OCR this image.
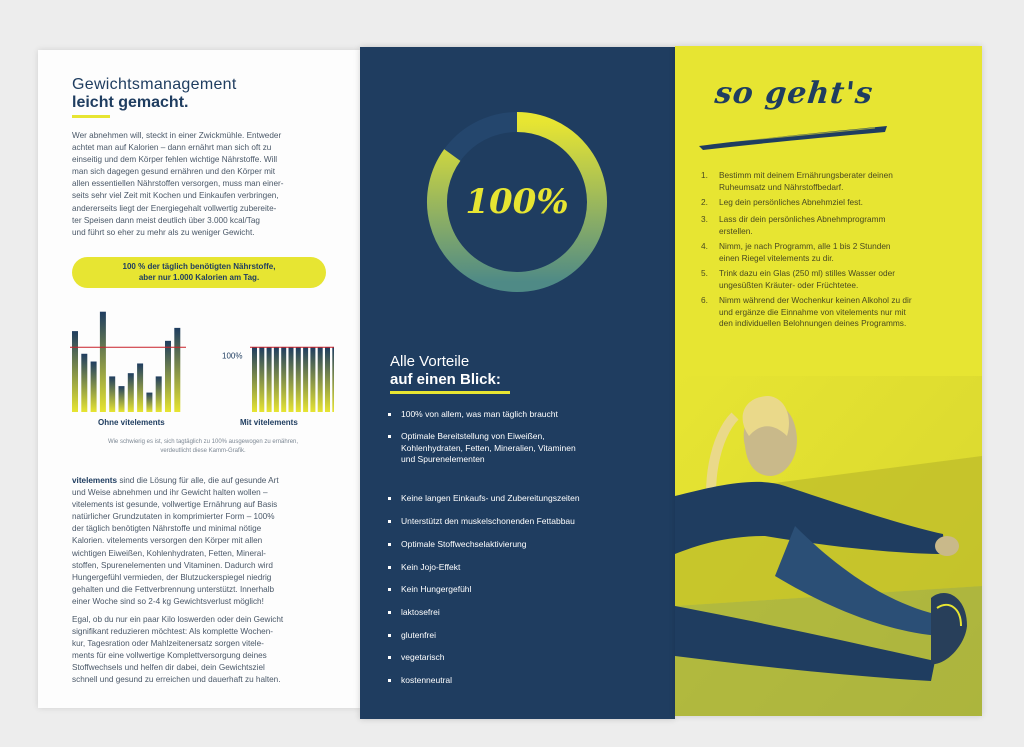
Gewichtsmanagement
leicht gemacht.
Wer abnehmen will, steckt in einer Zwickmühle. Entweder
achtet man auf Kalorien – dann ernährt man sich oft zu
einseitig und dem Körper fehlen wichtige Nährstoffe. Will
man sich dagegen gesund ernähren und den Körper mit
allen essentiellen Nährstoffen versorgen, muss man einer-
seits sehr viel Zeit mit Kochen und Einkaufen verbringen,
andererseits liegt der Energiegehalt vollwertig zubereite-
ter Speisen dann meist deutlich über 3.000 kcal/Tag
und führt so eher zu mehr als zu weniger Gewicht.
100 % der täglich benötigten Nährstoffe,
aber nur 1.000 Kalorien am Tag.
100%
Ohne vitelements	Mit vitelements
Wie schwierig es ist, sich tagtäglich zu 100% ausgewogen zu ernähren,
verdeutlicht diese Kamm-Grafik.
vitelements sind die Lösung für alle, die auf gesunde Art
und Weise abnehmen und ihr Gewicht halten wollen –
vitelements ist gesunde, vollwertige Ernährung auf Basis
natürlicher Grundzutaten in komprimierter Form – 100%
der täglich benötigten Nährstoffe und minimal nötige
Kalorien. vitelements versorgen den Körper mit allen
wichtigen Eiweißen, Kohlenhydraten, Fetten, Mineral-
stoffen, Spurenelementen und Vitaminen. Dadurch wird
Hungergefühl vermieden, der Blutzuckerspiegel niedrig
gehalten und die Fettverbrennung unterstützt. Innerhalb
einer Woche sind so 2-4 kg Gewichtsverlust möglich!
Egal, ob du nur ein paar Kilo loswerden oder dein Gewicht
signifikant reduzieren möchtest: Als komplette Wochen-
kur, Tagesration oder Mahlzeitenersatz sorgen vitele-
ments für eine vollwertige Komplettversorgung deines
Stoffwechsels und helfen dir dabei, dein Gewichtsziel
schnell und gesund zu erreichen und dauerhaft zu halten.
100%
Alle Vorteile
auf einen Blick:
100% von allem, was man täglich braucht
Optimale Bereitstellung von Eiweißen,
Kohlenhydraten, Fetten, Mineralien, Vitaminen
und Spurenelementen
Keine langen Einkaufs- und Zubereitungszeiten
Unterstützt den muskelschonenden Fettabbau
Optimale Stoffwechselaktivierung
Kein Jojo-Effekt
Kein Hungergefühl
laktosefrei
glutenfrei
vegetarisch
kostenneutral
so geht's
1. Bestimm mit deinem Ernährungsberater deinen
Ruheumsatz und Nährstoffbedarf.
2. Leg dein persönliches Abnehmziel fest.
3. Lass dir dein persönliches Abnehmprogramm
erstellen.
4. Nimm, je nach Programm, alle 1 bis 2 Stunden
einen Riegel vitelements zu dir.
5. Trink dazu ein Glas (250 ml) stilles Wasser oder
ungesüßten Kräuter- oder Früchtetee.
6. Nimm während der Wochenkur keinen Alkohol zu dir
und ergänze die Einnahme von vitelements nur mit
den individuellen Belohnungen deines Programms.
